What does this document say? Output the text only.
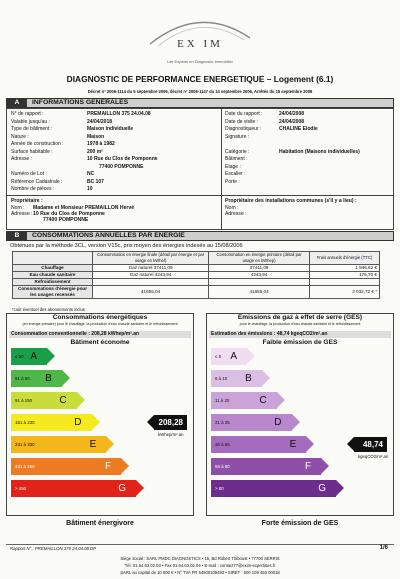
EX IM
Les Experts en Diagnostic Immobilier
DIAGNOSTIC DE PERFORMANCE ENERGETIQUE – Logement (6.1)
Décret n° 2006-1114 du 5 septembre 2006, décret n° 2006-1147 du 14 septembre 2006, Arrêtés du 15 septembre 2006
A	INFORMATIONS GENERALES
N° de rapport :	PREMAILLON 375 24.04.08
Valable jusqu'au :	24/04/2018
Type de bâtiment :	Maison individuelle
Nature :	Maison
Année de construction :	1978 à 1982
Surface habitable :	200 m²
Adresse :	10 Rue du Clos de Pomponne
77400 POMPONNE
Numéro de Lot :	NC
Référence Cadastrale :	BC 107
Nombre de pièces :	10
Date du rapport :	24/04/2008
Date de visite :	24/04/2008
Diagnostiqueur :	CHALINE Elodie
Signature :
Catégorie :	Habitation (Maisons individuelles)
Bâtiment :
Etage :
Escalier :
Porte :
Propriétaire :
Nom : Madame et Monsieur PREMAILLON Hervé
Adresse : 10 Rue du Clos de Pomponne
77400 POMPONNE
Propriétaire des installations communes (s'il y a lieu) :
Nom :
Adresse :
B	CONSOMMATIONS ANNUELLES PAR ENERGIE
Obtenues par la méthode 3CL, version V15c, prix moyen des énergies indexés au 15/08/2006
	Consommation en énergie finale (détail par énergie et par usage en kWhef)	Consommation en énergie primaire (détail par usage en kWhep)	Frais annuels d'énergie (TTC)
Chauffage	Gaz naturel 37411,09	37411,09	1 946,62 €
Eau chaude sanitaire	Gaz naturel 4243,94	4243,94	175,70 €
Refroidissement			
Consommations d'énergie pour les usages recensés	41655,04	41655,04	2 032,72 € *
*coût éventuel des abonnements inclus
Consommations énergétiques
(en énergie primaire) pour le chauffage, la production d'eau chaude sanitaire et le refroidissement
Consommation conventionnelle : 208,28 kWhep/m².an
Bâtiment économe
≤ 50 A
51 à 90 B
91 à 150	C
151 à 230	D	208,28
kWhep/m².an
231 à 330	E
331 à 450	F
> 450	G
Bâtiment énergivore
Emissions de gaz à effet de serre (GES)
pour le chauffage, la production d'eau chaude sanitaire et le refroidissement
Estimation des émissions : 48,74 kgeqCO2/m².an
Faible émission de GES
≤ 5 A
6 à 10 B
11 à 20	C
21 à 35	D
36 à 55	E	48,74
kgeqCO2/m².an
56 à 80	F
> 80	G
Forte émission de GES
Rapport N° : PREMAILLON 375 24.04.08 DP	1/6
Siège social : SARL PMDC DIAGNOSTICS • 15, Bd Robert Thiboust • 77700 SERRIS
Tél. 01.64.63.02.03 • Fax 01.64.63.02.04 • E-mail : contact77@exim-expertises.fr
SARL au capital de 10 000 € • N° TVA FR 54500109493 • SIRET : 500 109 493 00018
